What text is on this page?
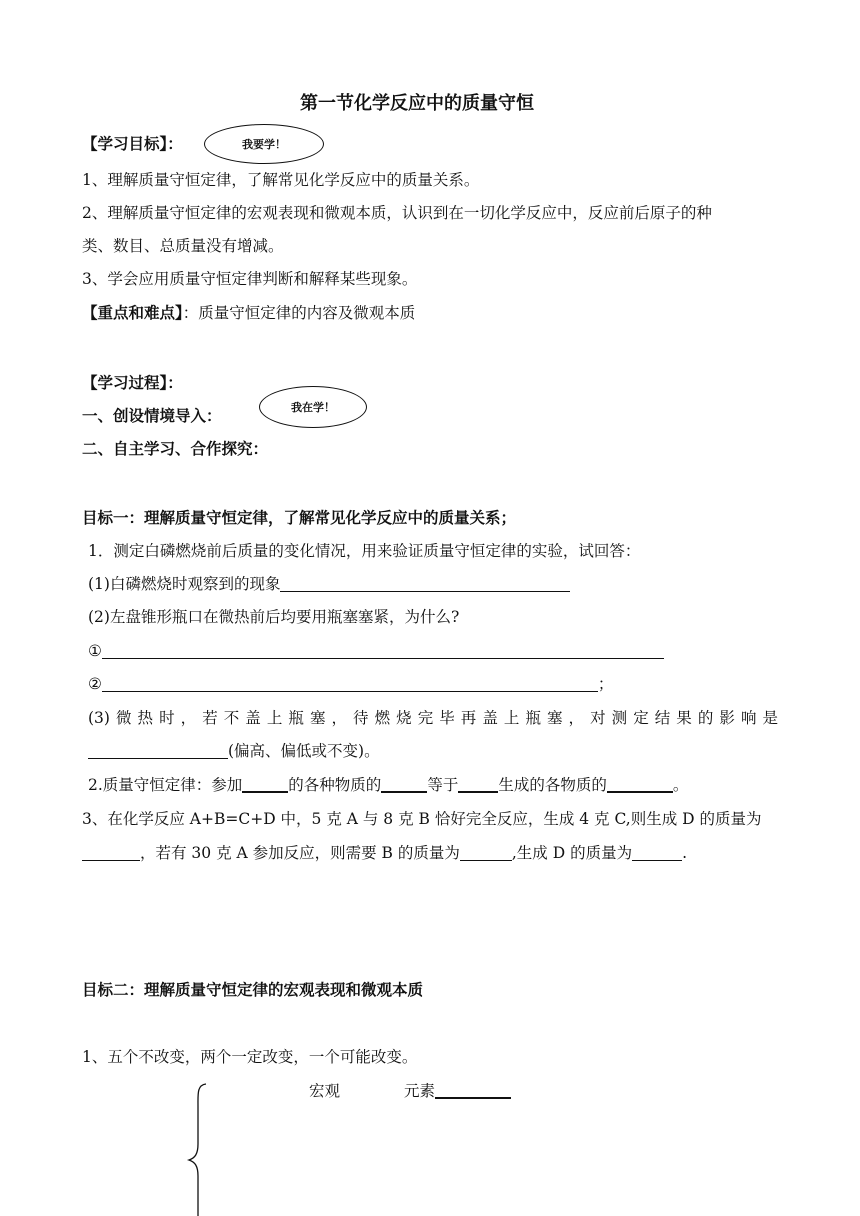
第一节化学反应中的质量守恒
【学习目标】：	我要学！
1、理解质量守恒定律，了解常见化学反应中的质量关系。
2、理解质量守恒定律的宏观表现和微观本质，认识到在一切化学反应中，反应前后原子的种
类、数目、总质量没有增减。
3、学会应用质量守恒定律判断和解释某些现象。
【重点和难点】：质量守恒定律的内容及微观本质
【学习过程】：
一、创设情境导入：	我在学！
二、自主学习、合作探究：
目标一：理解质量守恒定律，了解常见化学反应中的质量关系；
1．测定白磷燃烧前后质量的变化情况，用来验证质量守恒定律的实验，试回答：
(1)白磷燃烧时观察到的现象
(2)左盘锥形瓶口在微热前后均要用瓶塞塞紧，为什么?
①
②	；
(3)微热时，若不盖上瓶塞，待燃烧完毕再盖上瓶塞，对测定结果的影响是
(偏高、偏低或不变)。
2.质量守恒定律：参加	的各种物质的	等于	生成的各物质的	。
3、在化学反应 A+B=C+D 中，5 克 A 与 8 克 B 恰好完全反应，生成 4 克 C,则生成 D 的质量为
，若有 30 克 A 参加反应，则需要 B 的质量为	,生成 D 的质量为	.
目标二：理解质量守恒定律的宏观表现和微观本质
1、五个不改变，两个一定改变，一个可能改变。
宏观	元素
